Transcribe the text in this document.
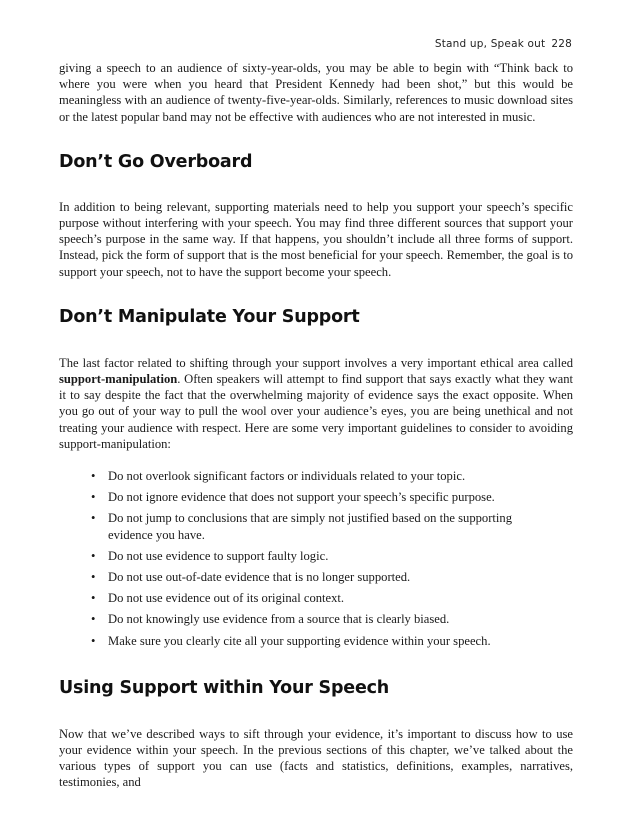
Stand up, Speak out 228

giving a speech to an audience of sixty-year-olds, you may be able to begin with “Think back to where you were when you heard that President Kennedy had been shot,” but this would be meaningless with an audience of twenty-five-year-olds. Similarly, references to music download sites or the latest popular band may not be effective with audiences who are not interested in music.

Don’t Go Overboard

In addition to being relevant, supporting materials need to help you support your speech’s specific purpose without interfering with your speech. You may find three different sources that support your speech’s purpose in the same way. If that happens, you shouldn’t include all three forms of support. Instead, pick the form of support that is the most beneficial for your speech. Remember, the goal is to support your speech, not to have the support become your speech.

Don’t Manipulate Your Support

The last factor related to shifting through your support involves a very important ethical area called support-manipulation. Often speakers will attempt to find support that says exactly what they want it to say despite the fact that the overwhelming majority of evidence says the exact opposite. When you go out of your way to pull the wool over your audience’s eyes, you are being unethical and not treating your audience with respect. Here are some very important guidelines to consider to avoiding support-manipulation:

• Do not overlook significant factors or individuals related to your topic.
• Do not ignore evidence that does not support your speech’s specific purpose.
• Do not jump to conclusions that are simply not justified based on the supporting evidence you have.
• Do not use evidence to support faulty logic.
• Do not use out-of-date evidence that is no longer supported.
• Do not use evidence out of its original context.
• Do not knowingly use evidence from a source that is clearly biased.
• Make sure you clearly cite all your supporting evidence within your speech.
Using Support within Your Speech

Now that we’ve described ways to sift through your evidence, it’s important to discuss how to use your evidence within your speech. In the previous sections of this chapter, we’ve talked about the various types of support you can use (facts and statistics, definitions, examples, narratives, testimonies, and
